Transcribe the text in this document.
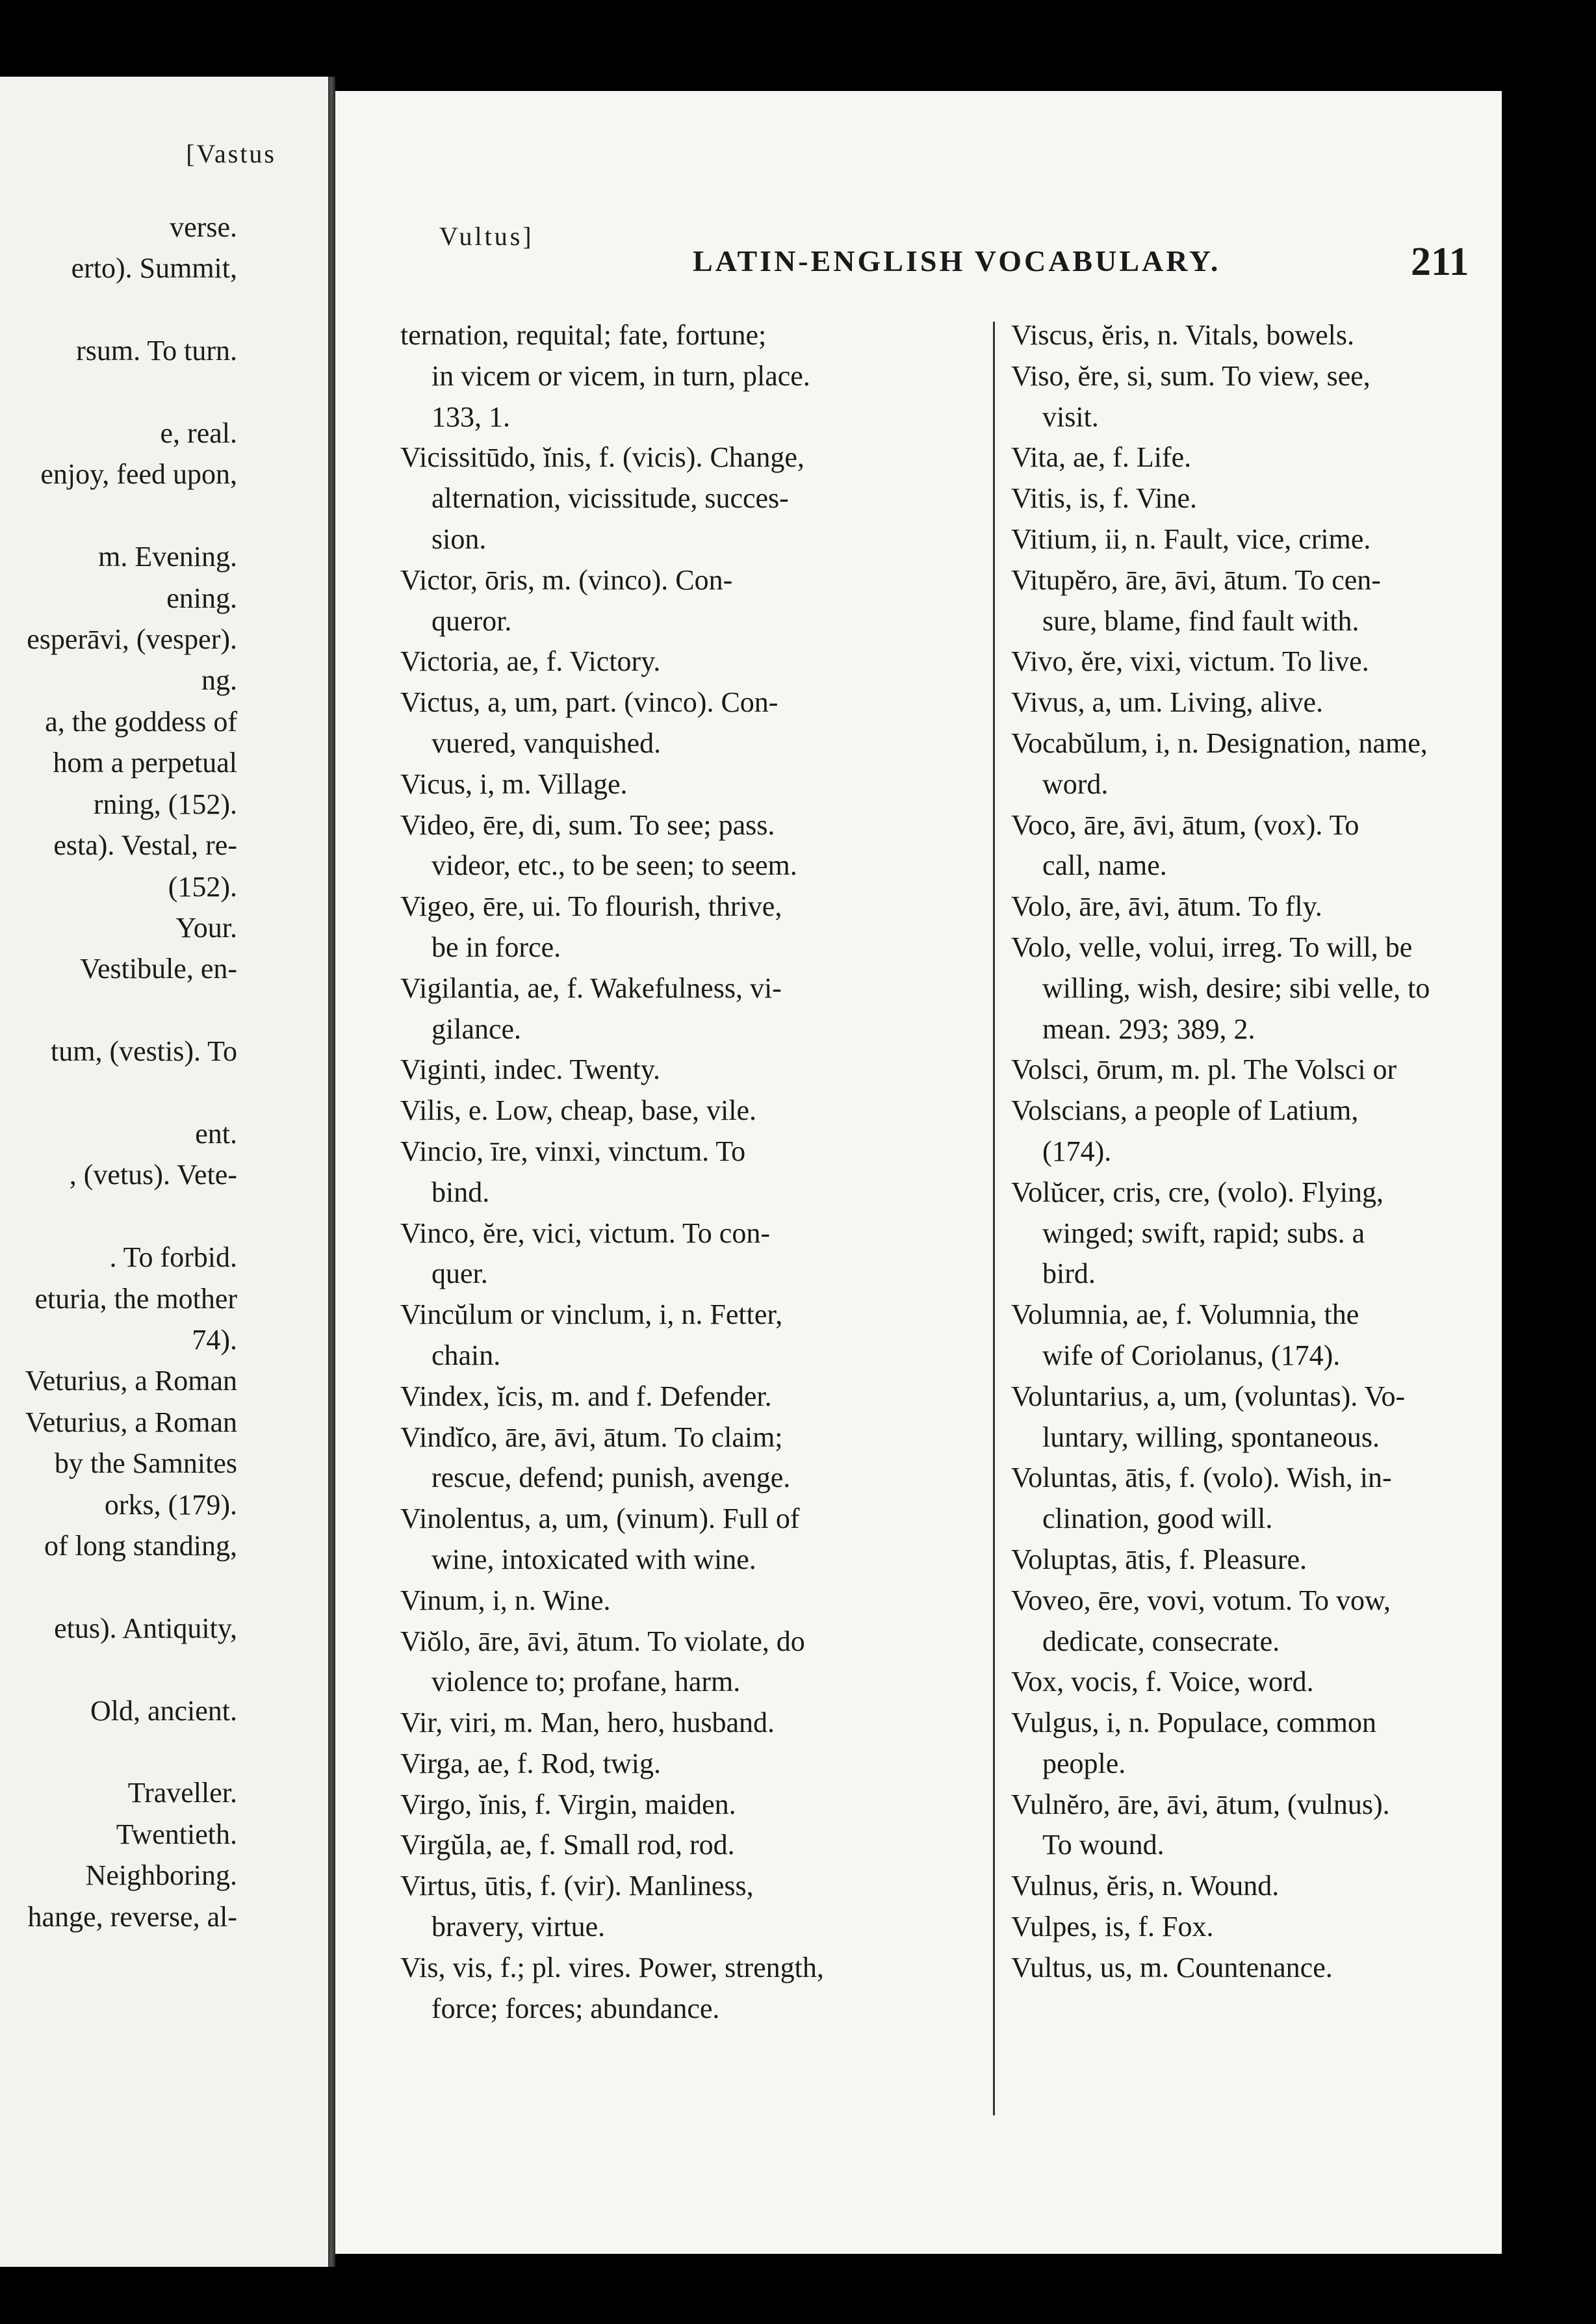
[Vastus
verse.
erto). Summit,

rsum. To turn.

e, real.
enjoy, feed upon,

m. Evening.
ening.
esperāvi, (vesper).
ng.
a, the goddess of
hom a perpetual
rning, (152).
esta). Vestal, re-
(152).
Your.
Vestibule, en-

tum, (vestis). To

ent.
, (vetus). Vete-

. To forbid.
eturia, the mother
74).
Veturius, a Roman
Veturius, a Roman
by the Samnites
orks, (179).
of long standing,

etus). Antiquity,

Old, ancient.

Traveller.
Twentieth.
Neighboring.
hange, reverse, al-
Vultus]
LATIN-ENGLISH VOCABULARY.	211
ternation, requital; fate, fortune;
in vicem or vicem, in turn, place.
133, 1.
Vicissitūdo, ĭnis, f. (vicis). Change,
alternation, vicissitude, succes-
sion.
Victor, ōris, m. (vinco). Con-
queror.
Victoria, ae, f. Victory.
Victus, a, um, part. (vinco). Con-
vuered, vanquished.
Vicus, i, m. Village.
Video, ēre, di, sum. To see; pass.
videor, etc., to be seen; to seem.
Vigeo, ēre, ui. To flourish, thrive,
be in force.
Vigilantia, ae, f. Wakefulness, vi-
gilance.
Viginti, indec. Twenty.
Vilis, e. Low, cheap, base, vile.
Vincio, īre, vinxi, vinctum. To
bind.
Vinco, ĕre, vici, victum. To con-
quer.
Vincŭlum or vinclum, i, n. Fetter,
chain.
Vindex, ĭcis, m. and f. Defender.
Vindĭco, āre, āvi, ātum. To claim;
rescue, defend; punish, avenge.
Vinolentus, a, um, (vinum). Full of
wine, intoxicated with wine.
Vinum, i, n. Wine.
Viŏlo, āre, āvi, ātum. To violate, do
violence to; profane, harm.
Vir, viri, m. Man, hero, husband.
Virga, ae, f. Rod, twig.
Virgo, ĭnis, f. Virgin, maiden.
Virgŭla, ae, f. Small rod, rod.
Virtus, ūtis, f. (vir). Manliness,
bravery, virtue.
Vis, vis, f.; pl. vires. Power, strength,
force; forces; abundance.
Viscus, ĕris, n. Vitals, bowels.
Viso, ĕre, si, sum. To view, see,
visit.
Vita, ae, f. Life.
Vitis, is, f. Vine.
Vitium, ii, n. Fault, vice, crime.
Vitupĕro, āre, āvi, ātum. To cen-
sure, blame, find fault with.
Vivo, ĕre, vixi, victum. To live.
Vivus, a, um. Living, alive.
Vocabŭlum, i, n. Designation, name,
word.
Voco, āre, āvi, ātum, (vox). To
call, name.
Volo, āre, āvi, ātum. To fly.
Volo, velle, volui, irreg. To will, be
willing, wish, desire; sibi velle, to
mean. 293; 389, 2.
Volsci, ōrum, m. pl. The Volsci or
Volscians, a people of Latium,
(174).
Volŭcer, cris, cre, (volo). Flying,
winged; swift, rapid; subs. a
bird.
Volumnia, ae, f. Volumnia, the
wife of Coriolanus, (174).
Voluntarius, a, um, (voluntas). Vo-
luntary, willing, spontaneous.
Voluntas, ātis, f. (volo). Wish, in-
clination, good will.
Voluptas, ātis, f. Pleasure.
Voveo, ēre, vovi, votum. To vow,
dedicate, consecrate.
Vox, vocis, f. Voice, word.
Vulgus, i, n. Populace, common
people.
Vulnĕro, āre, āvi, ātum, (vulnus).
To wound.
Vulnus, ĕris, n. Wound.
Vulpes, is, f. Fox.
Vultus, us, m. Countenance.
